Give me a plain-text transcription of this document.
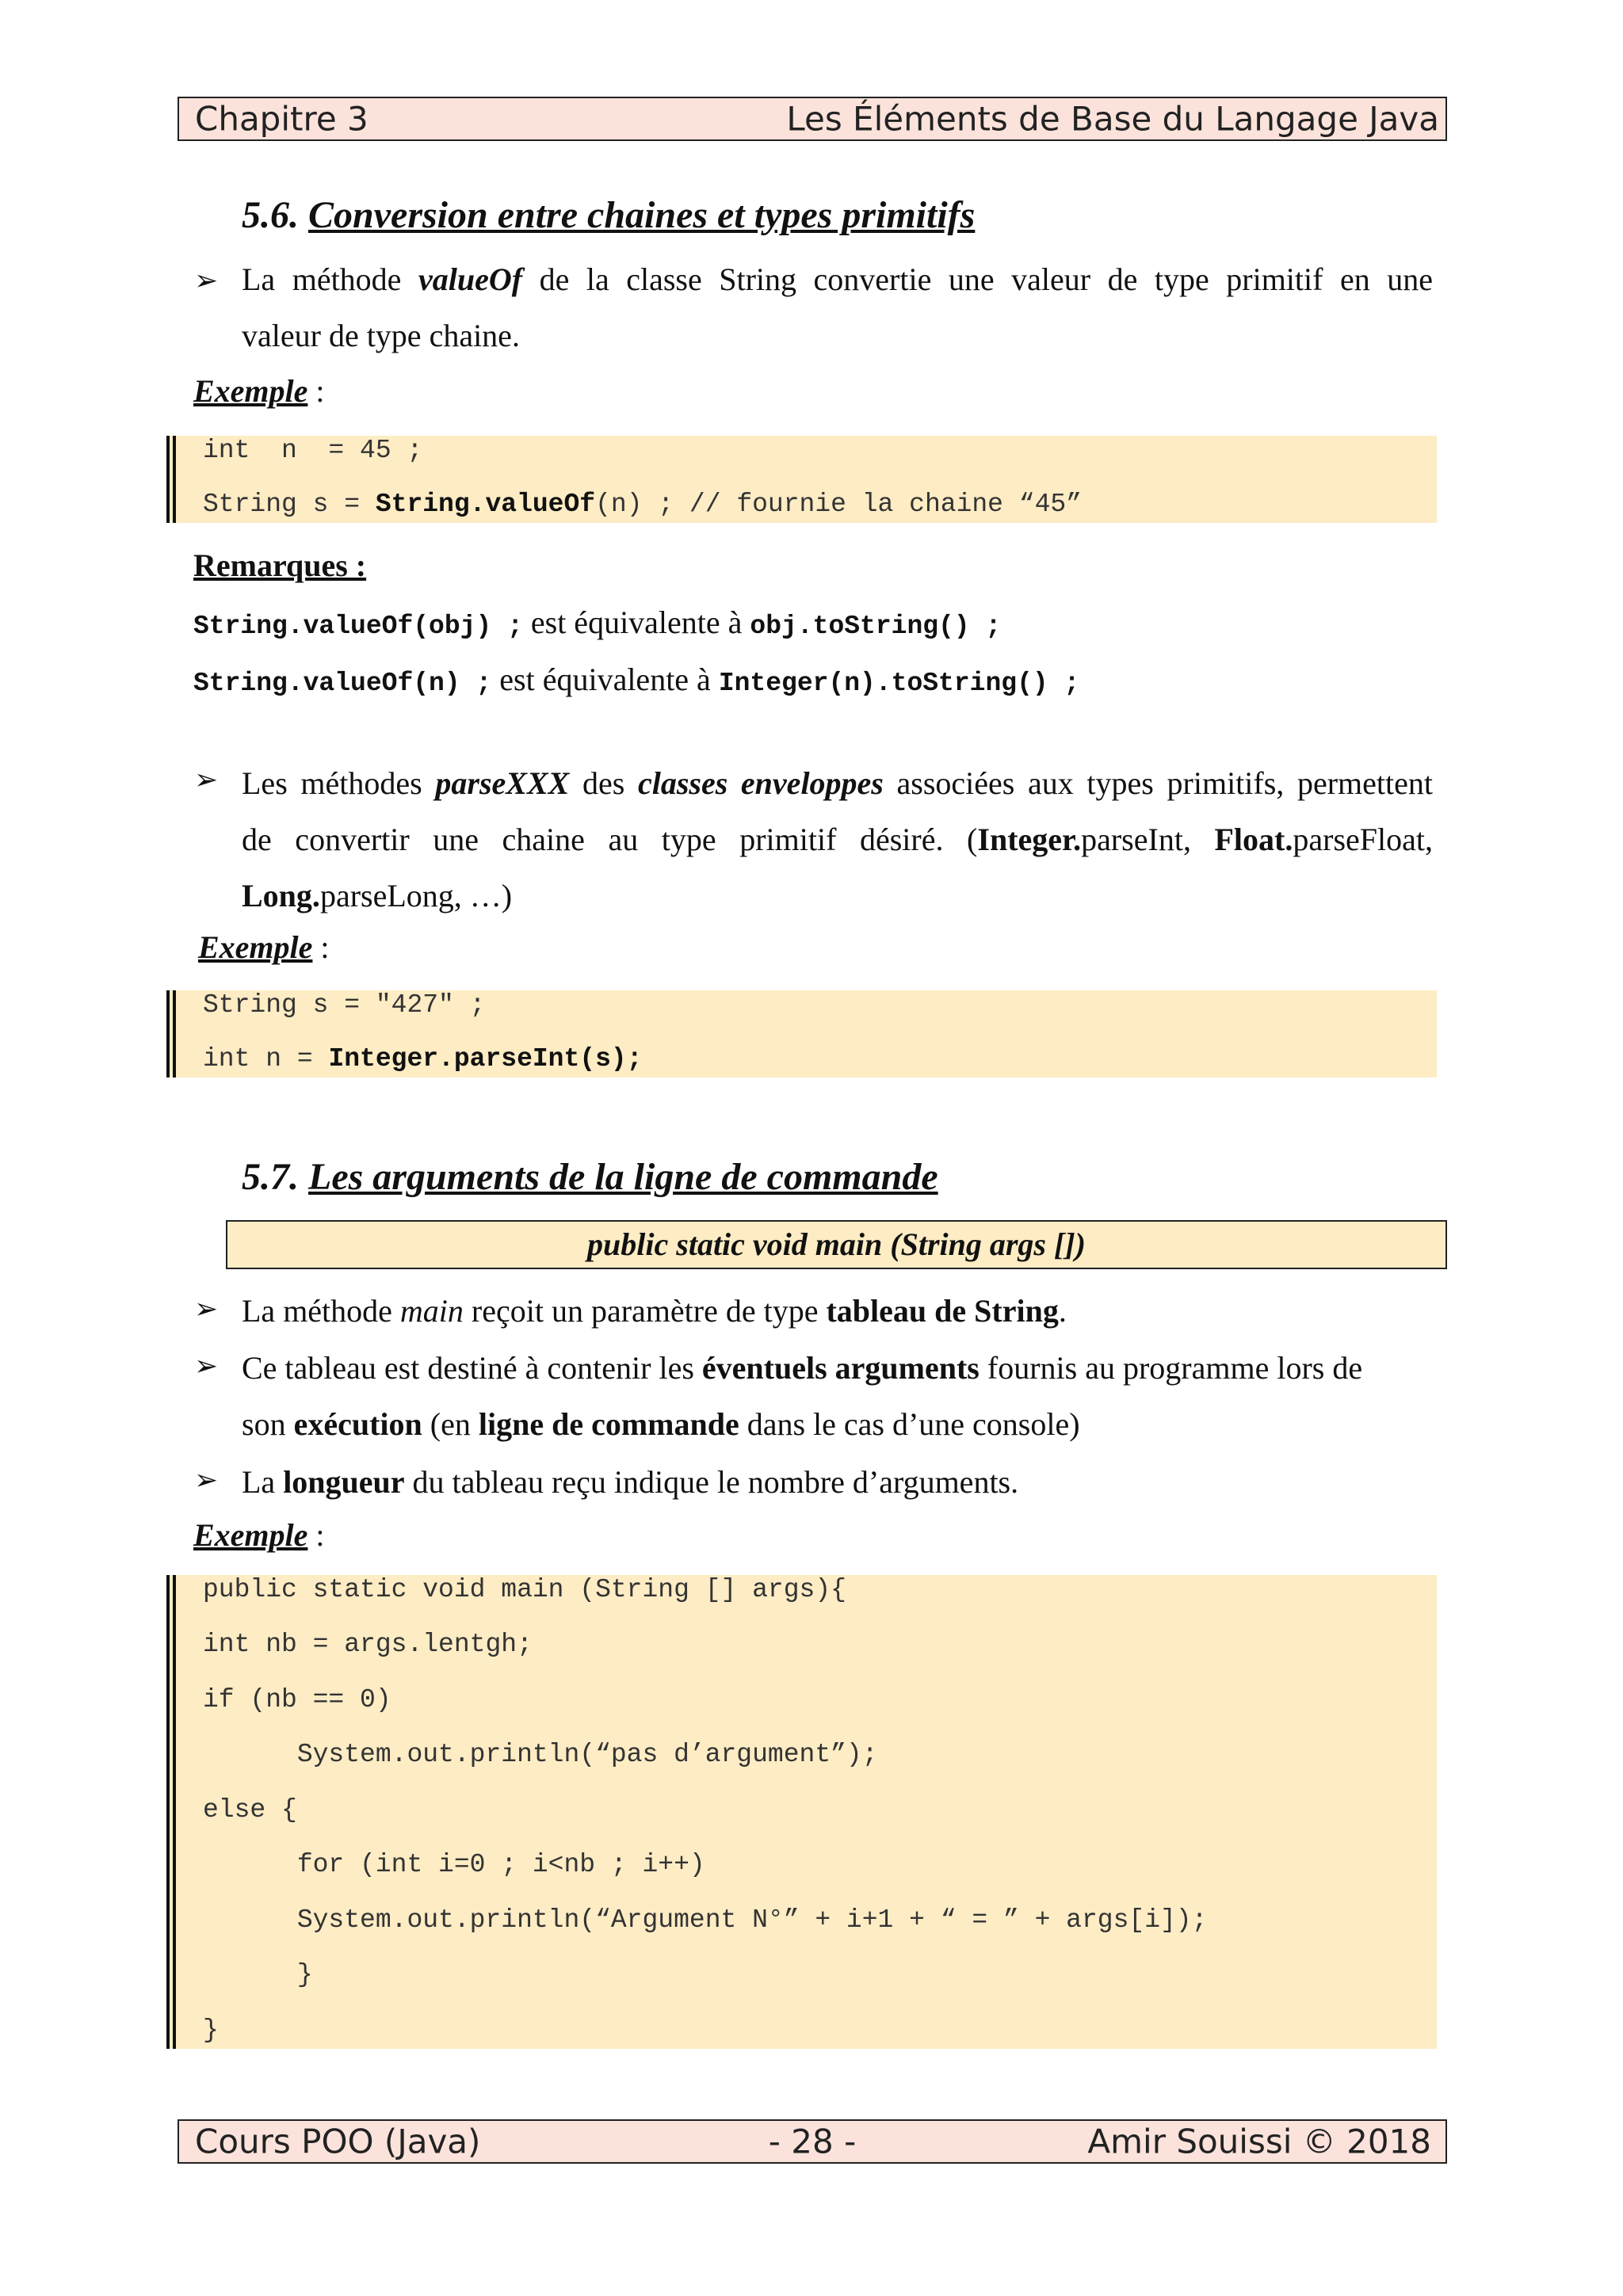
Chapitre 3	Les Éléments de Base du Langage Java
5.6. Conversion entre chaines et types primitifs
➢ La méthode valueOf de la classe String convertie une valeur de type primitif en une
valeur de type chaine.
Exemple :
int  n  = 45 ;
String s = String.valueOf(n) ; // fournie la chaine “45”
Remarques :
String.valueOf(obj) ; est équivalente à obj.toString() ;
String.valueOf(n) ; est équivalente à Integer(n).toString() ;
➢ Les méthodes parseXXX des classes enveloppes associées aux types primitifs, permettent
de convertir une chaine au type primitif désiré. (Integer.parseInt, Float.parseFloat,
Long.parseLong, …)
Exemple :
String s = "427" ;
int n = Integer.parseInt(s);
5.7. Les arguments de la ligne de commande
public static void main (String args [])
➢ La méthode main reçoit un paramètre de type tableau de String.
➢ Ce tableau est destiné à contenir les éventuels arguments fournis au programme lors de
son exécution (en ligne de commande dans le cas d’une console)
➢ La longueur du tableau reçu indique le nombre d’arguments.
Exemple :
public static void main (String [] args){
int nb = args.lentgh;
if (nb == 0)
System.out.println(“pas d’argument”);
else {
for (int i=0 ; i<nb ; i++)
System.out.println(“Argument N°” + i+1 + “ = ” + args[i]);
}
}
Cours POO (Java)	- 28 -	Amir Souissi © 2018
